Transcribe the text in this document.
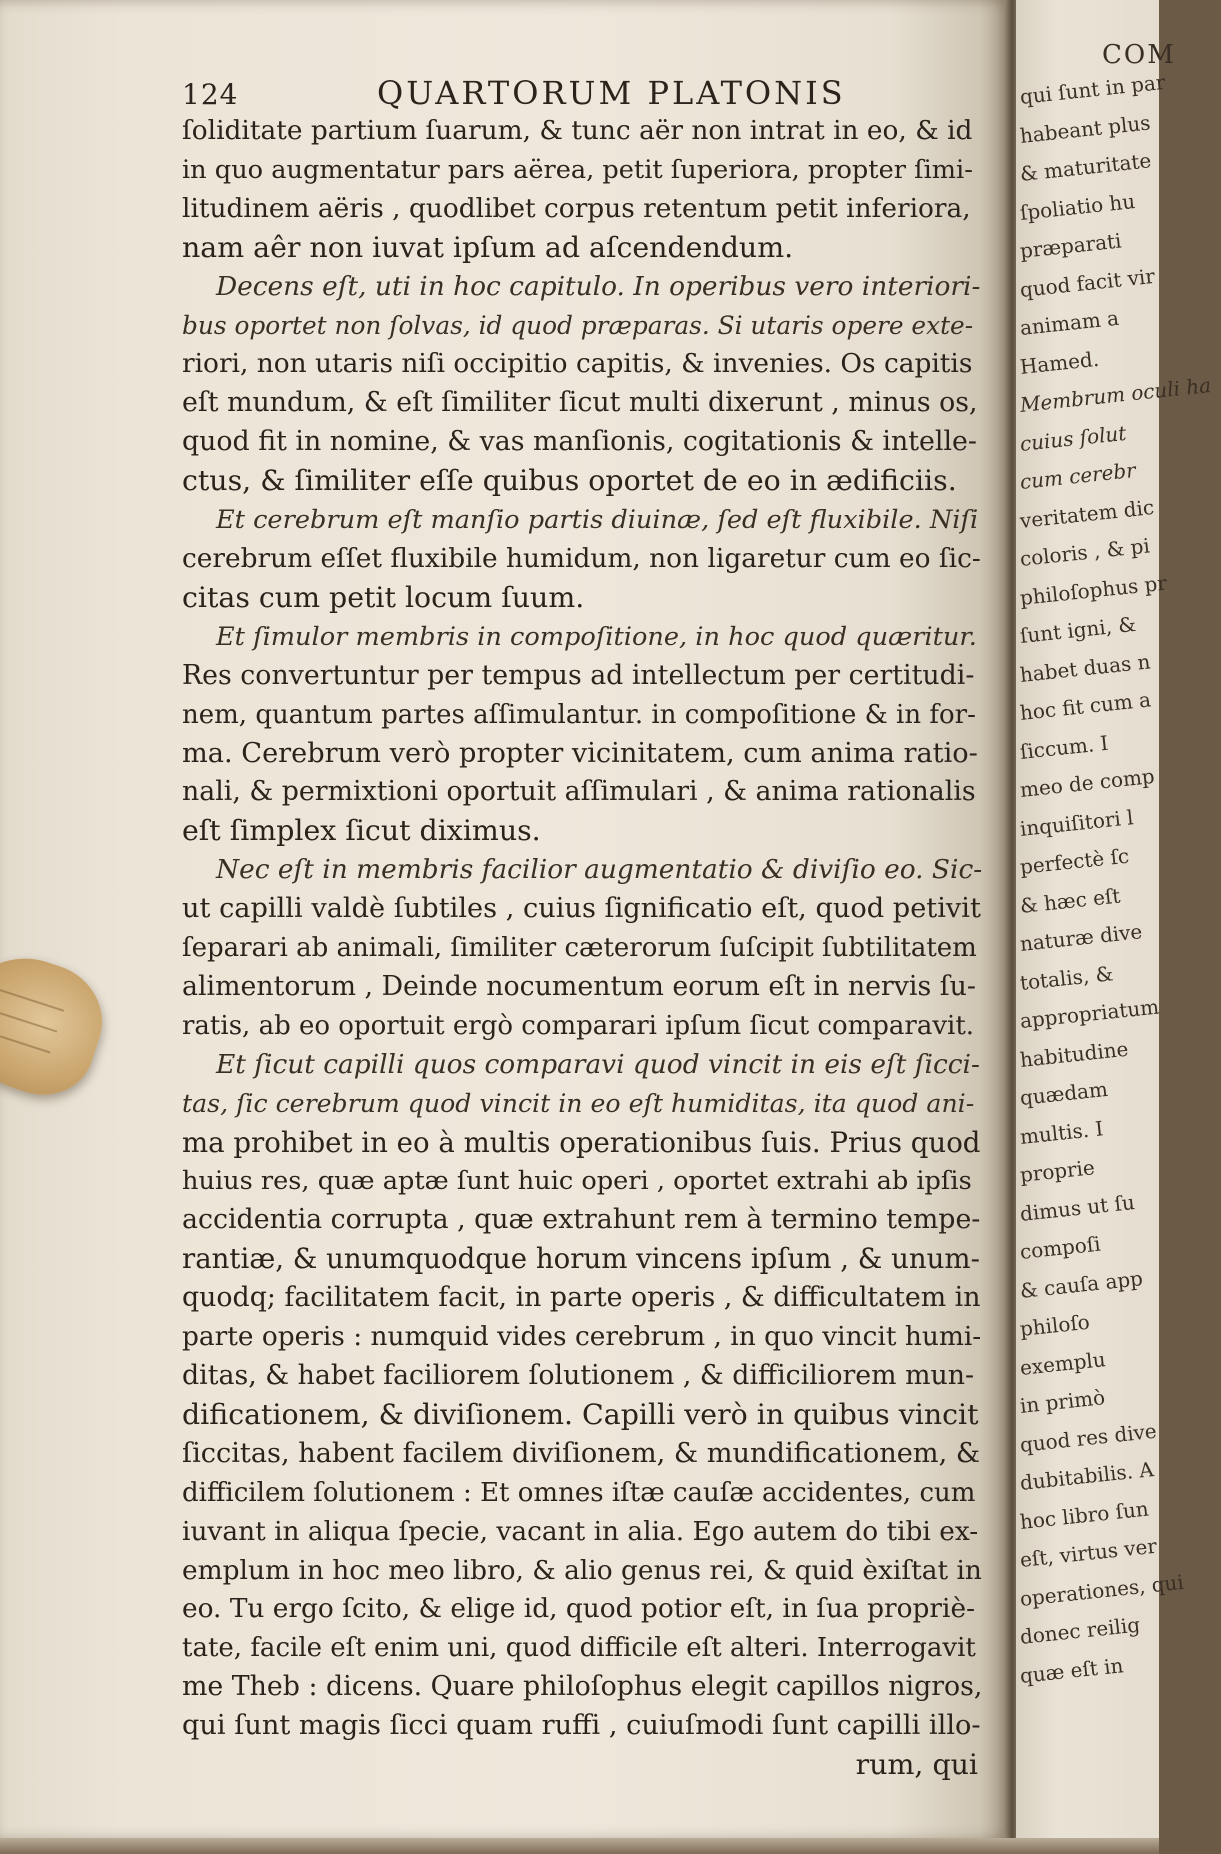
124	QUARTORUM PLATONIS
ſoliditate partium ſuarum, & tunc aër non intrat in eo, & id
in quo augmentatur pars aërea, petit ſuperiora, propter ſimi-
litudinem aëris , quodlibet corpus retentum petit inferiora,
nam aêr non iuvat ipſum ad aſcendendum.
Decens eſt, uti in hoc capitulo. In operibus vero interiori-
bus oportet non ſolvas, id quod præparas. Si utaris opere exte-
riori, non utaris niſi occipitio capitis, & invenies. Os capitis
eſt mundum, & eſt ſimiliter ſicut multi dixerunt , minus os,
quod fit in nomine, & vas manſionis, cogitationis & intelle-
ctus, & ſimiliter eſſe quibus oportet de eo in ædificiis.
Et cerebrum eſt manſio partis diuinæ, ſed eſt fluxibile. Niſi
cerebrum eſſet fluxibile humidum, non ligaretur cum eo ſic-
citas cum petit locum ſuum.
Et ſimulor membris in compoſitione, in hoc quod quæritur.
Res convertuntur per tempus ad intellectum per certitudi-
nem, quantum partes aſſimulantur. in compoſitione & in for-
ma. Cerebrum verò propter vicinitatem, cum anima ratio-
nali, & permixtioni oportuit aſſimulari , & anima rationalis
eſt ſimplex ſicut diximus.
Nec eſt in membris facilior augmentatio & diviſio eo. Sic-
ut capilli valdè ſubtiles , cuius ſignificatio eſt, quod petivit
ſeparari ab animali, ſimiliter cæterorum ſuſcipit ſubtilitatem
alimentorum , Deinde nocumentum eorum eſt in nervis ſu-
ratis, ab eo oportuit ergò comparari ipſum ſicut comparavit.
Et ſicut capilli quos comparavi quod vincit in eis eſt ſicci-
tas, ſic cerebrum quod vincit in eo eſt humiditas, ita quod ani-
ma prohibet in eo à multis operationibus ſuis. Prius quod
huius res, quæ aptæ ſunt huic operi , oportet extrahi ab ipſis
accidentia corrupta , quæ extrahunt rem à termino tempe-
rantiæ, & unumquodque horum vincens ipſum , & unum-
quodq; facilitatem facit, in parte operis , & difficultatem in
parte operis : numquid vides cerebrum , in quo vincit humi-
ditas, & habet faciliorem ſolutionem , & difficiliorem mun-
dificationem, & diviſionem. Capilli verò in quibus vincit
ſiccitas, habent facilem diviſionem, & mundificationem, &
difficilem ſolutionem : Et omnes iſtæ cauſæ accidentes, cum
iuvant in aliqua ſpecie, vacant in alia. Ego autem do tibi ex-
emplum in hoc meo libro, & alio genus rei, & quid èxiſtat in
eo. Tu ergo ſcito, & elige id, quod potior eſt, in ſua propriè-
tate, facile eſt enim uni, quod difficile eſt alteri. Interrogavit
me Theb : dicens. Quare philoſophus elegit capillos nigros,
qui ſunt magis ſicci quam ruffi , cuiuſmodi ſunt capilli illo-
rum, qui
COM
qui ſunt in par
habeant plus
& maturitate
ſpoliatio hu
præparati
quod facit vir
animam a
Hamed.
Membrum oculi ha
cuius ſolut
cum cerebr
veritatem dic
coloris , & pi
philoſophus pr
ſunt igni, &
habet duas n
hoc fit cum a
ſiccum. I
meo de comp
inquiſitori l
perfectè ſc
& hæc eſt
naturæ dive
totalis, &
appropriatum
habitudine
quædam
multis. I
proprie
dimus ut ſu
compoſi
& cauſa app
philoſo
exemplu
in primò
quod res dive
dubitabilis. A
hoc libro ſun
eſt, virtus ver
operationes, qui
donec reilig
quæ eſt in
